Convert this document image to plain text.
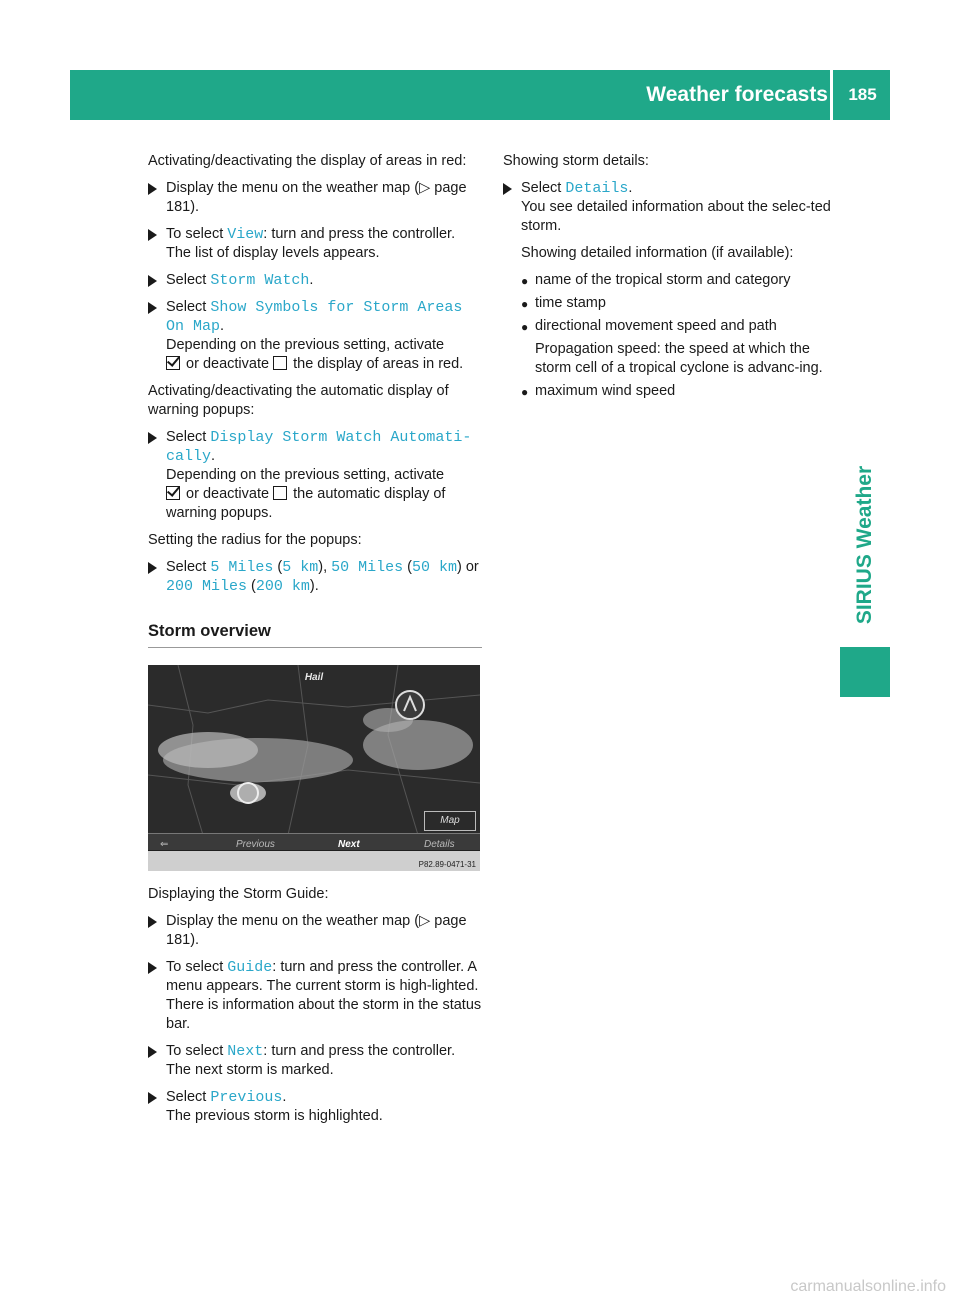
Weather forecasts	185
SIRIUS Weather

Activating/deactivating the display of areas in red:

Display the menu on the weather map (▷ page 181).
To select View: turn and press the controller. The list of display levels appears.
Select Storm Watch.
Select Show Symbols for Storm Areas On Map.
Depending on the previous setting, activate
or deactivate  the display of areas in red.

Activating/deactivating the automatic display of warning popups:

Select Display Storm Watch Automati‐cally.
Depending on the previous setting, activate
or deactivate  the automatic display of warning popups.

Setting the radius for the popups:

Select 5 Miles (5 km), 50 Miles (50 km) or 200 Miles (200 km).
Storm overview
Hail
Map
⇐	Previous	Next	Details
P82.89-0471-31

Displaying the Storm Guide:

Display the menu on the weather map (▷ page 181).
To select Guide: turn and press the controller. A menu appears. The current storm is high-lighted. There is information about the storm in the status bar.
To select Next: turn and press the controller. The next storm is marked.
Select Previous.
The previous storm is highlighted.

Showing storm details:

Select Details.
You see detailed information about the selec-ted storm.

Showing detailed information (if available):

● name of the tropical storm and category
● time stamp
● directional movement speed and path
Propagation speed: the speed at which the storm cell of a tropical cyclone is advanc-ing.
● maximum wind speed
carmanualsonline.info
